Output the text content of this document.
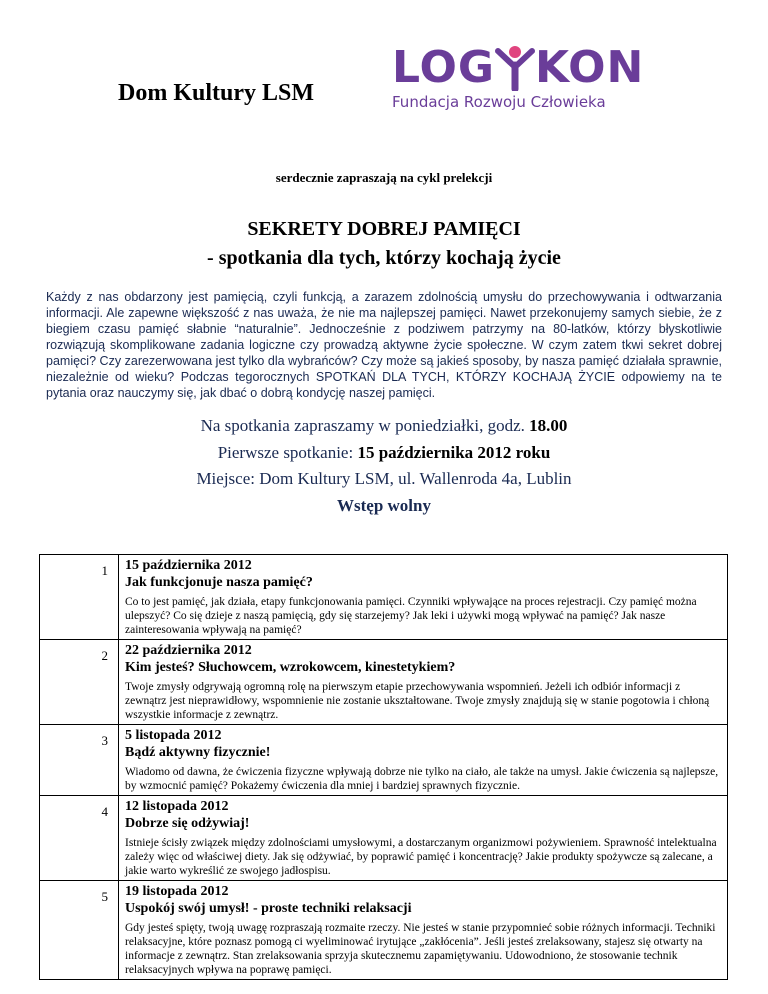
Dom Kultury LSM LOG KON
Fundacja Rozwoju Człowieka
serdecznie zapraszają na cykl prelekcji
SEKRETY DOBREJ PAMIĘCI
- spotkania dla tych, którzy kochają życie

Każdy z nas obdarzony jest pamięcią, czyli funkcją, a zarazem zdolnością umysłu do przechowywania i odtwarzania informacji. Ale zapewne większość z nas uważa, że nie ma najlepszej pamięci. Nawet przekonujemy samych siebie, że z biegiem czasu pamięć słabnie “naturalnie”. Jednocześnie z podziwem patrzymy na 80-latków, którzy błyskotliwie rozwiązują skomplikowane zadania logiczne czy prowadzą aktywne życie społeczne. W czym zatem tkwi sekret dobrej pamięci? Czy zarezerwowana jest tylko dla wybrańców? Czy może są jakieś sposoby, by nasza pamięć działała sprawnie, niezależnie od wieku? Podczas tegorocznych SPOTKAŃ DLA TYCH, KTÓRZY KOCHAJĄ ŻYCIE odpowiemy na te pytania oraz nauczymy się, jak dbać o dobrą kondycję naszej pamięci.

Na spotkania zapraszamy w poniedziałki, godz. 18.00
Pierwsze spotkanie: 15 października 2012 roku
Miejsce: Dom Kultury LSM, ul. Wallenroda 4a, Lublin
Wstęp wolny
1	15 października 2012
Jak funkcjonuje nasza pamięć?
Co to jest pamięć, jak działa, etapy funkcjonowania pamięci. Czynniki wpływające na proces rejestracji. Czy pamięć można ulepszyć? Co się dzieje z naszą pamięcią, gdy się starzejemy? Jak leki i używki mogą wpływać na pamięć? Jak nasze zainteresowania wpływają na pamięć?

2	22 października 2012
Kim jesteś? Słuchowcem, wzrokowcem, kinestetykiem?
Twoje zmysły odgrywają ogromną rolę na pierwszym etapie przechowywania wspomnień. Jeżeli ich odbiór informacji z zewnątrz jest nieprawidłowy, wspomnienie nie zostanie ukształtowane. Twoje zmysły znajdują się w stanie pogotowia i chłoną wszystkie informacje z zewnątrz.

3	5 listopada 2012
Bądź aktywny fizycznie!
Wiadomo od dawna, że ćwiczenia fizyczne wpływają dobrze nie tylko na ciało, ale także na umysł. Jakie ćwiczenia są najlepsze, by wzmocnić pamięć? Pokażemy ćwiczenia dla mniej i bardziej sprawnych fizycznie.

4	12 listopada 2012
Dobrze się odżywiaj!
Istnieje ścisły związek między zdolnościami umysłowymi, a dostarczanym organizmowi pożywieniem. Sprawność intelektualna zależy więc od właściwej diety. Jak się odżywiać, by poprawić pamięć i koncentrację? Jakie produkty spożywcze są zalecane, a jakie warto wykreślić ze swojego jadłospisu.

5	19 listopada 2012
Uspokój swój umysł! - proste techniki relaksacji
Gdy jesteś spięty, twoją uwagę rozpraszają rozmaite rzeczy. Nie jesteś w stanie przypomnieć sobie różnych informacji. Techniki relaksacyjne, które poznasz pomogą ci wyeliminować irytujące „zakłócenia”. Jeśli jesteś zrelaksowany, stajesz się otwarty na informacje z zewnątrz. Stan zrelaksowania sprzyja skutecznemu zapamiętywaniu. Udowodniono, że stosowanie technik relaksacyjnych wpływa na poprawę pamięci.
